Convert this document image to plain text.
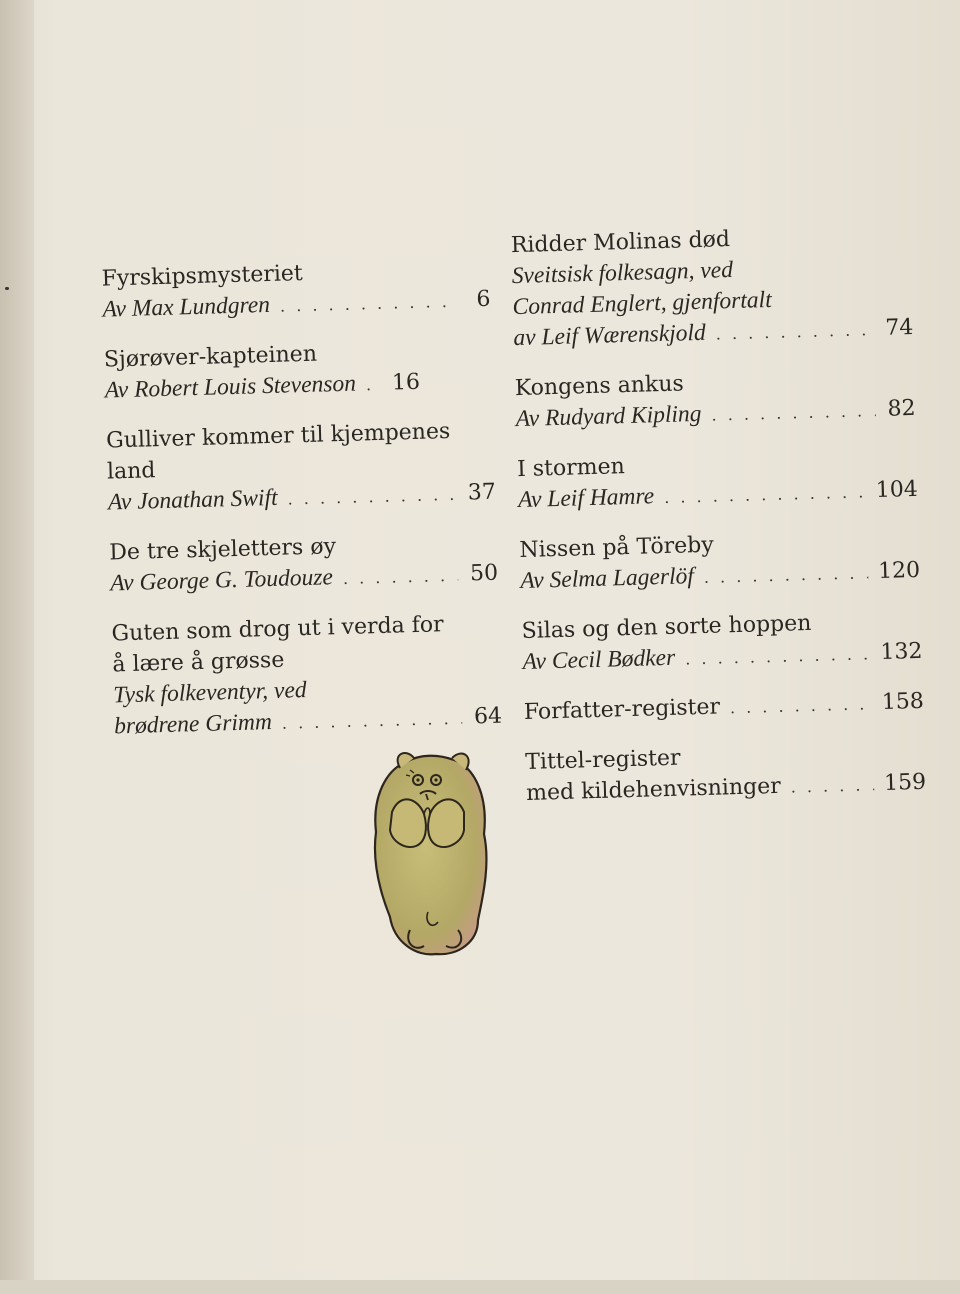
Fyrskipsmysteriet
Av Max Lundgren . . .	6
Sjørøver-kapteinen
Av Robert Louis Stevenson . . . 16
Gulliver kommer til kjempenes
land
Av Jonathan Swift . . .	37
De tre skjeletters øy
Av George G. Toudouze . . .	50
Guten som drog ut i verda for
å lære å grøsse
Tysk folkeventyr, ved
brødrene Grimm . . .	64
Ridder Molinas død
Sveitsisk folkesagn, ved
Conrad Englert, gjenfortalt
av Leif Wærenskjold . . .	74
Kongens ankus
Av Rudyard Kipling . . .	82
I stormen
Av Leif Hamre . . .	104
Nissen på Töreby
Av Selma Lagerlöf . . .	120
Silas og den sorte hoppen
Av Cecil Bødker . . .	132
Forfatter-register . . .	158
Tittel-register
med kildehenvisninger . . .	159
